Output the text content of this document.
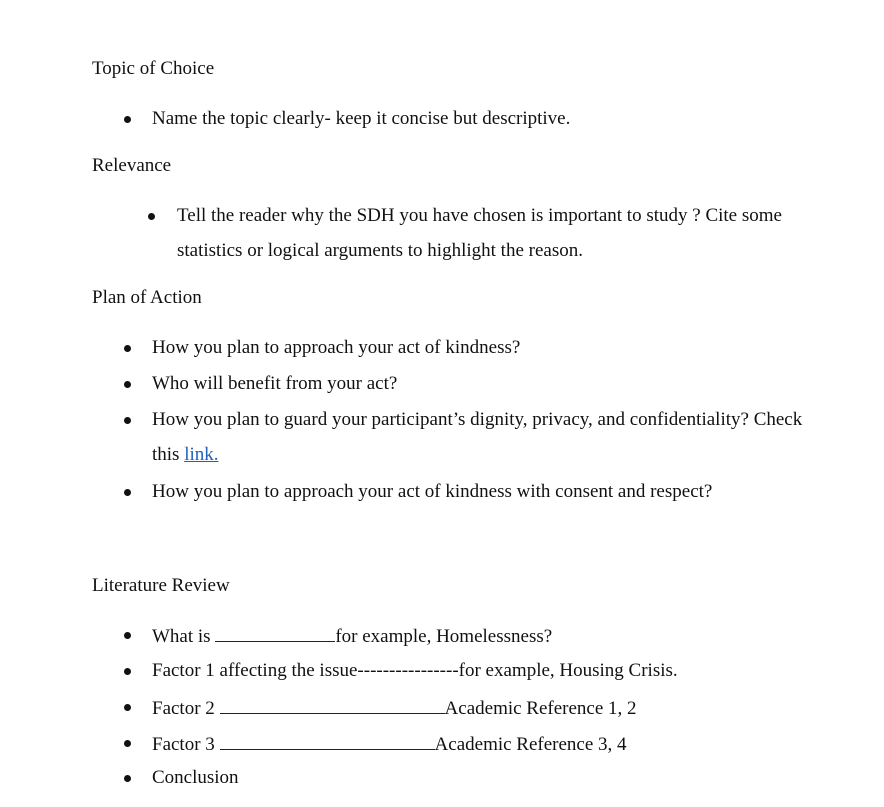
Topic of Choice
Name the topic clearly- keep it concise but descriptive.
Relevance
Tell the reader why the SDH you have chosen is important to study ? Cite some
statistics or logical arguments to highlight the reason.
Plan of Action
How you plan to approach your act of kindness?
Who will benefit from your act?
How you plan to guard your participant’s dignity, privacy, and confidentiality? Check
this link.
How you plan to approach your act of kindness with consent and respect?
Literature Review
What is	for example, Homelessness?
Factor 1 affecting the issue----------------for example, Housing Crisis.
Factor 2	Academic Reference 1, 2
Factor 3	Academic Reference 3, 4
Conclusion
